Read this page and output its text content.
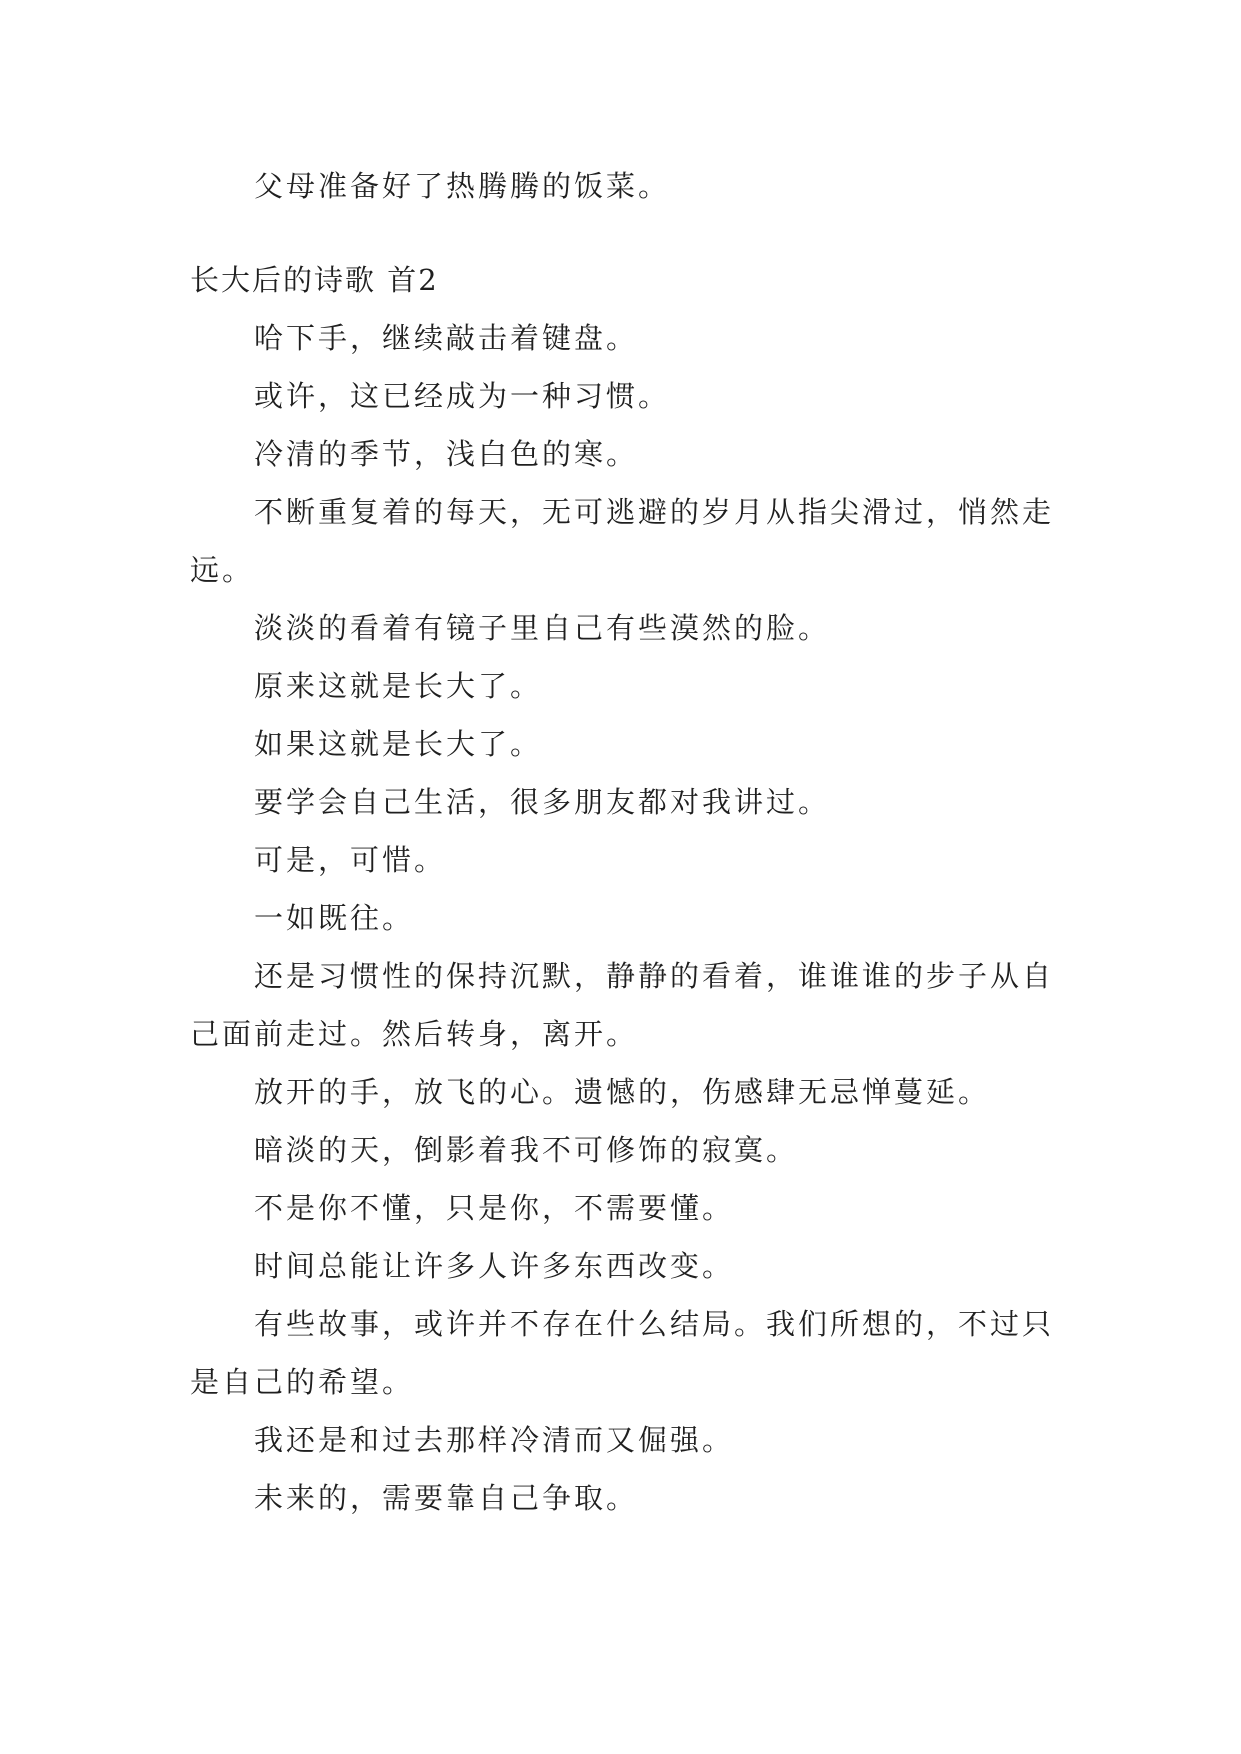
父母准备好了热腾腾的饭菜。

长大后的诗歌 首2

哈下手，继续敲击着键盘。

或许，这已经成为一种习惯。

冷清的季节，浅白色的寒。

不断重复着的每天，无可逃避的岁月从指尖滑过，悄然走远。

淡淡的看着有镜子里自己有些漠然的脸。

原来这就是长大了。

如果这就是长大了。

要学会自己生活，很多朋友都对我讲过。

可是，可惜。

一如既往。

还是习惯性的保持沉默，静静的看着，谁谁谁的步子从自己面前走过。然后转身，离开。

放开的手，放飞的心。遗憾的，伤感肆无忌惮蔓延。

暗淡的天，倒影着我不可修饰的寂寞。

不是你不懂，只是你，不需要懂。

时间总能让许多人许多东西改变。

有些故事，或许并不存在什么结局。我们所想的，不过只是自己的希望。

我还是和过去那样冷清而又倔强。

未来的，需要靠自己争取。
